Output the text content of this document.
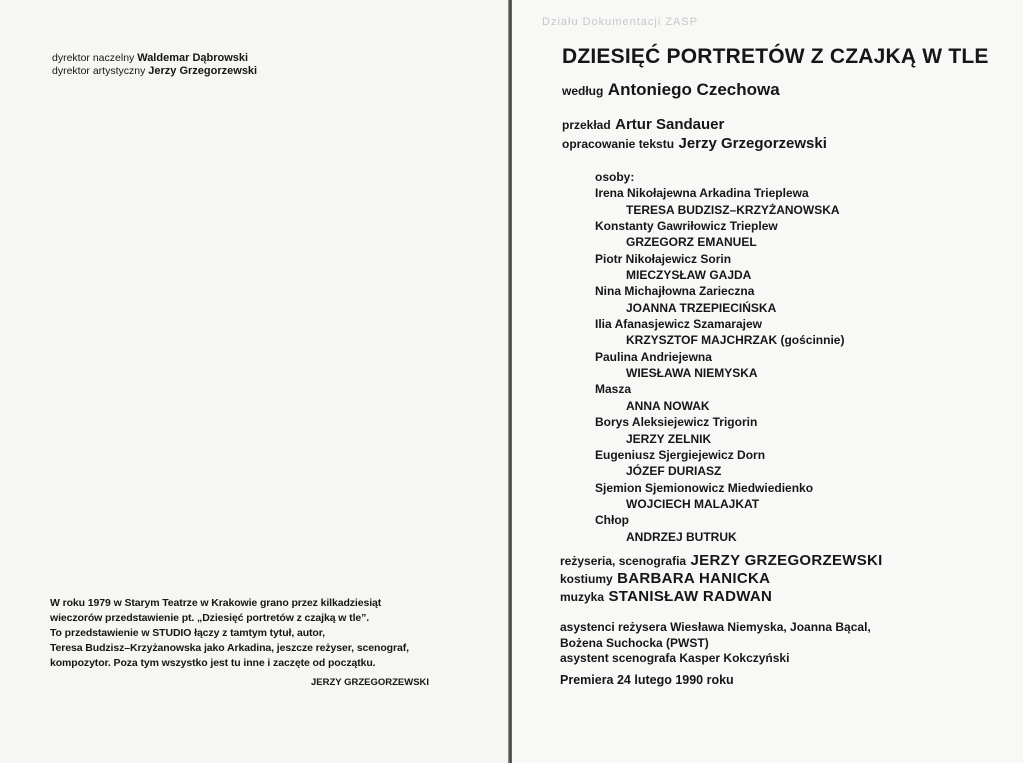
dyrektor naczelny Waldemar Dąbrowski
dyrektor artystyczny Jerzy Grzegorzewski
W roku 1979 w Starym Teatrze w Krakowie grano przez kilkadziesiąt
wieczorów przedstawienie pt. „Dziesięć portretów z czajką w tle”.
To przedstawienie w STUDIO łączy z tamtym tytuł, autor,
Teresa Budzisz–Krzyżanowska jako Arkadina, jeszcze reżyser, scenograf,
kompozytor. Poza tym wszystko jest tu inne i zaczęte od początku.
JERZY GRZEGORZEWSKI
Działu Dokumentacji ZASP
DZIESIĘĆ PORTRETÓW Z CZAJKĄ W TLE
według Antoniego Czechowa
przekład Artur Sandauer
opracowanie tekstu Jerzy Grzegorzewski
osoby:
Irena Nikołajewna Arkadina Trieplewa
TERESA BUDZISZ–KRZYŻANOWSKA
Konstanty Gawriłowicz Trieplew
GRZEGORZ EMANUEL
Piotr Nikołajewicz Sorin
MIECZYSŁAW GAJDA
Nina Michajłowna Zarieczna
JOANNA TRZEPIECIŃSKA
Ilia Afanasjewicz Szamarajew
KRZYSZTOF MAJCHRZAK (gościnnie)
Paulina Andriejewna
WIESŁAWA NIEMYSKA
Masza
ANNA NOWAK
Borys Aleksiejewicz Trigorin
JERZY ZELNIK
Eugeniusz Sjergiejewicz Dorn
JÓZEF DURIASZ
Sjemion Sjemionowicz Miedwiedienko
WOJCIECH MALAJKAT
Chłop
ANDRZEJ BUTRUK
reżyseria, scenografia JERZY GRZEGORZEWSKI
kostiumy BARBARA HANICKA
muzyka STANISŁAW RADWAN
asystenci reżysera Wiesława Niemyska, Joanna Bącal,
Bożena Suchocka (PWST)
asystent scenografa Kasper Kokczyński
Premiera 24 lutego 1990 roku
